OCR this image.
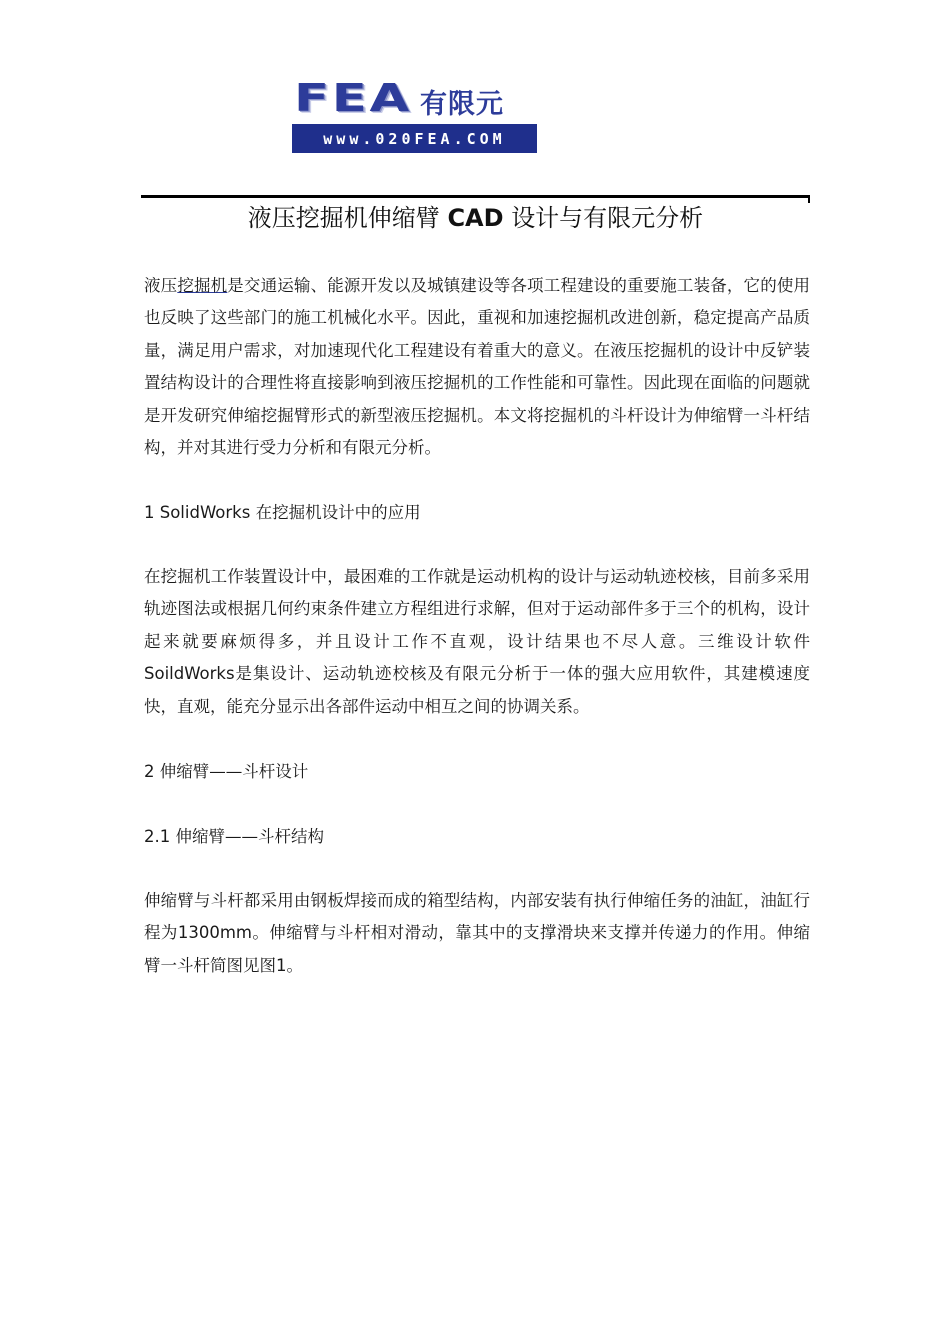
FEA 有限元
www.020FEA.COM
液压挖掘机伸缩臂 CAD 设计与有限元分析

液压挖掘机是交通运输、能源开发以及城镇建设等各项工程建设的重要施工装备，它的使用也反映了这些部门的施工机械化水平。因此，重视和加速挖掘机改进创新，稳定提高产品质量，满足用户需求，对加速现代化工程建设有着重大的意义。在液压挖掘机的设计中反铲装置结构设计的合理性将直接影响到液压挖掘机的工作性能和可靠性。因此现在面临的问题就是开发研究伸缩挖掘臂形式的新型液压挖掘机。本文将挖掘机的斗杆设计为伸缩臂一斗杆结构，并对其进行受力分析和有限元分析。

1 SolidWorks 在挖掘机设计中的应用

在挖掘机工作装置设计中，最困难的工作就是运动机构的设计与运动轨迹校核，目前多采用轨迹图法或根据几何约束条件建立方程组进行求解，但对于运动部件多于三个的机构，设计起来就要麻烦得多，并且设计工作不直观，设计结果也不尽人意。三维设计软件SoildWorks是集设计、运动轨迹校核及有限元分析于一体的强大应用软件，其建模速度快，直观，能充分显示出各部件运动中相互之间的协调关系。

2 伸缩臂——斗杆设计
2.1 伸缩臂——斗杆结构

伸缩臂与斗杆都采用由钢板焊接而成的箱型结构，内部安装有执行伸缩任务的油缸，油缸行程为1300mm。伸缩臂与斗杆相对滑动，靠其中的支撑滑块来支撑并传递力的作用。伸缩臂一斗杆简图见图1。
